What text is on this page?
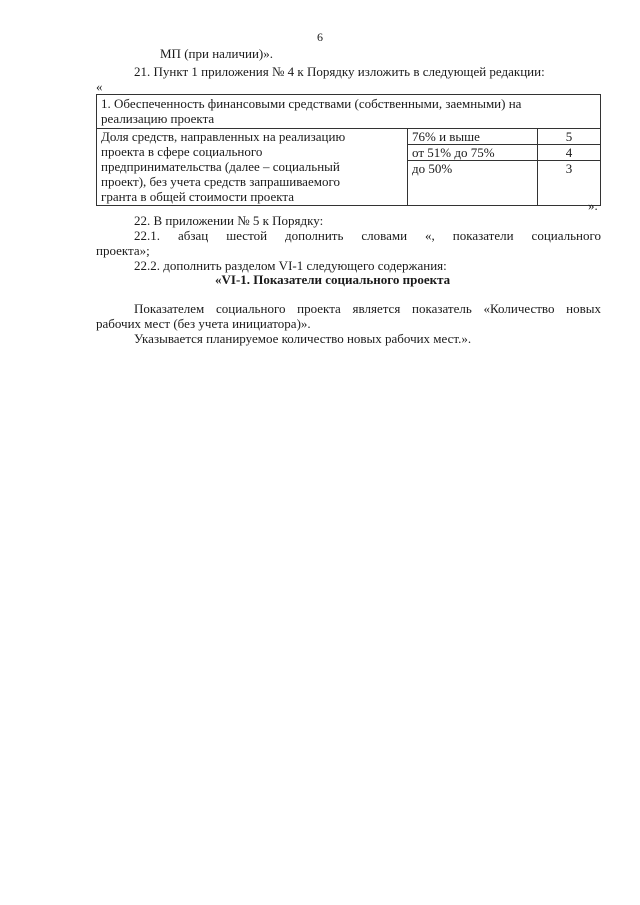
6
МП (при наличии)».
21. Пункт 1 приложения № 4 к Порядку изложить в следующей редакции:
«
1. Обеспеченность финансовыми средствами (собственными, заемными) на
реализацию проекта		

Доля средств, направленных на реализацию
проекта в сфере социального
предпринимательства (далее – социальный
проект), без учета средств запрашиваемого
гранта в общей стоимости проекта	76% и выше	5
	от 51% до 75%	4
	до 50%	3
».
22. В приложении № 5 к Порядку:
22.1. абзац шестой дополнить словами «, показатели социального
проекта»;
22.2. дополнить разделом VI-1 следующего содержания:
«VI-1. Показатели социального проекта
Показателем социального проекта является показатель «Количество новых
рабочих мест (без учета инициатора)».
Указывается планируемое количество новых рабочих мест.».
